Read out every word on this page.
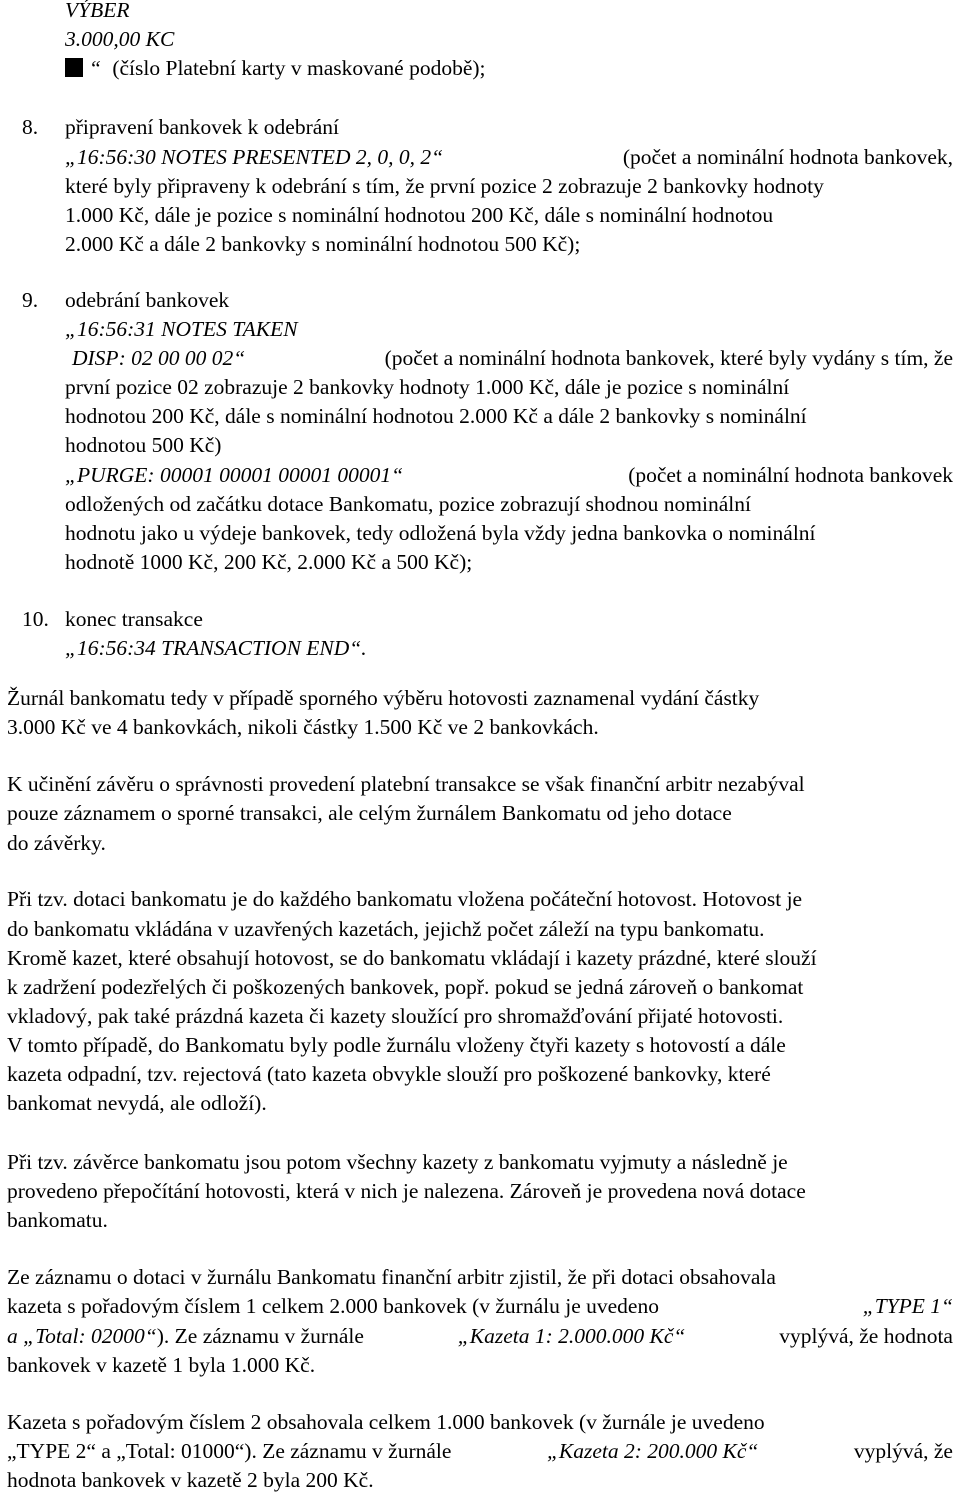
VÝBER
3.000,00 KC
“ (číslo Platební karty v maskované podobě);
8. připravení bankovek k odebrání
„16:56:30 NOTES PRESENTED 2, 0, 0, 2“	(počet a nominální hodnota bankovek,
které byly připraveny k odebrání s tím, že první pozice 2 zobrazuje 2 bankovky hodnoty
1.000 Kč, dále je pozice s nominální hodnotou 200 Kč, dále s nominální hodnotou
2.000 Kč a dále 2 bankovky s nominální hodnotou 500 Kč);
9. odebrání bankovek
„16:56:31 NOTES TAKEN
DISP: 02 00 00 02“	(počet a nominální hodnota bankovek, které byly vydány s tím, že
první pozice 02 zobrazuje 2 bankovky hodnoty 1.000 Kč, dále je pozice s nominální
hodnotou 200 Kč, dále s nominální hodnotou 2.000 Kč a dále 2 bankovky s nominální
hodnotou 500 Kč)
„PURGE: 00001 00001 00001 00001“	(počet a nominální hodnota bankovek
odložených od začátku dotace Bankomatu, pozice zobrazují shodnou nominální
hodnotu jako u výdeje bankovek, tedy odložená byla vždy jedna bankovka o nominální
hodnotě 1000 Kč, 200 Kč, 2.000 Kč a 500 Kč);
10. konec transakce
„16:56:34 TRANSACTION END“.
Žurnál bankomatu tedy v případě sporného výběru hotovosti zaznamenal vydání částky
3.000 Kč ve 4 bankovkách, nikoli částky 1.500 Kč ve 2 bankovkách.
K učinění závěru o správnosti provedení platební transakce se však finanční arbitr nezabýval
pouze záznamem o sporné transakci, ale celým žurnálem Bankomatu od jeho dotace
do závěrky.
Při tzv. dotaci bankomatu je do každého bankomatu vložena počáteční hotovost. Hotovost je
do bankomatu vkládána v uzavřených kazetách, jejichž počet záleží na typu bankomatu.
Kromě kazet, které obsahují hotovost, se do bankomatu vkládají i kazety prázdné, které slouží
k zadržení podezřelých či poškozených bankovek, popř. pokud se jedná zároveň o bankomat
vkladový, pak také prázdná kazeta či kazety sloužící pro shromažďování přijaté hotovosti.
V tomto případě, do Bankomatu byly podle žurnálu vloženy čtyři kazety s hotovostí a dále
kazeta odpadní, tzv. rejectová (tato kazeta obvykle slouží pro poškozené bankovky, které
bankomat nevydá, ale odloží).
Při tzv. závěrce bankomatu jsou potom všechny kazety z bankomatu vyjmuty a následně je
provedeno přepočítání hotovosti, která v nich je nalezena. Zároveň je provedena nová dotace
bankomatu.
Ze záznamu o dotaci v žurnálu Bankomatu finanční arbitr zjistil, že při dotaci obsahovala
kazeta s pořadovým číslem 1 celkem 2.000 bankovek (v žurnálu je uvedeno	„TYPE 1“
a „Total: 02000“). Ze záznamu v žurnále	„Kazeta 1: 2.000.000 Kč“	vyplývá, že hodnota
bankovek v kazetě 1 byla 1.000 Kč.
Kazeta s pořadovým číslem 2 obsahovala celkem 1.000 bankovek (v žurnále je uvedeno
„TYPE 2“ a „Total: 01000“). Ze záznamu v žurnále	„Kazeta 2: 200.000 Kč“	vyplývá, že
hodnota bankovek v kazetě 2 byla 200 Kč.
